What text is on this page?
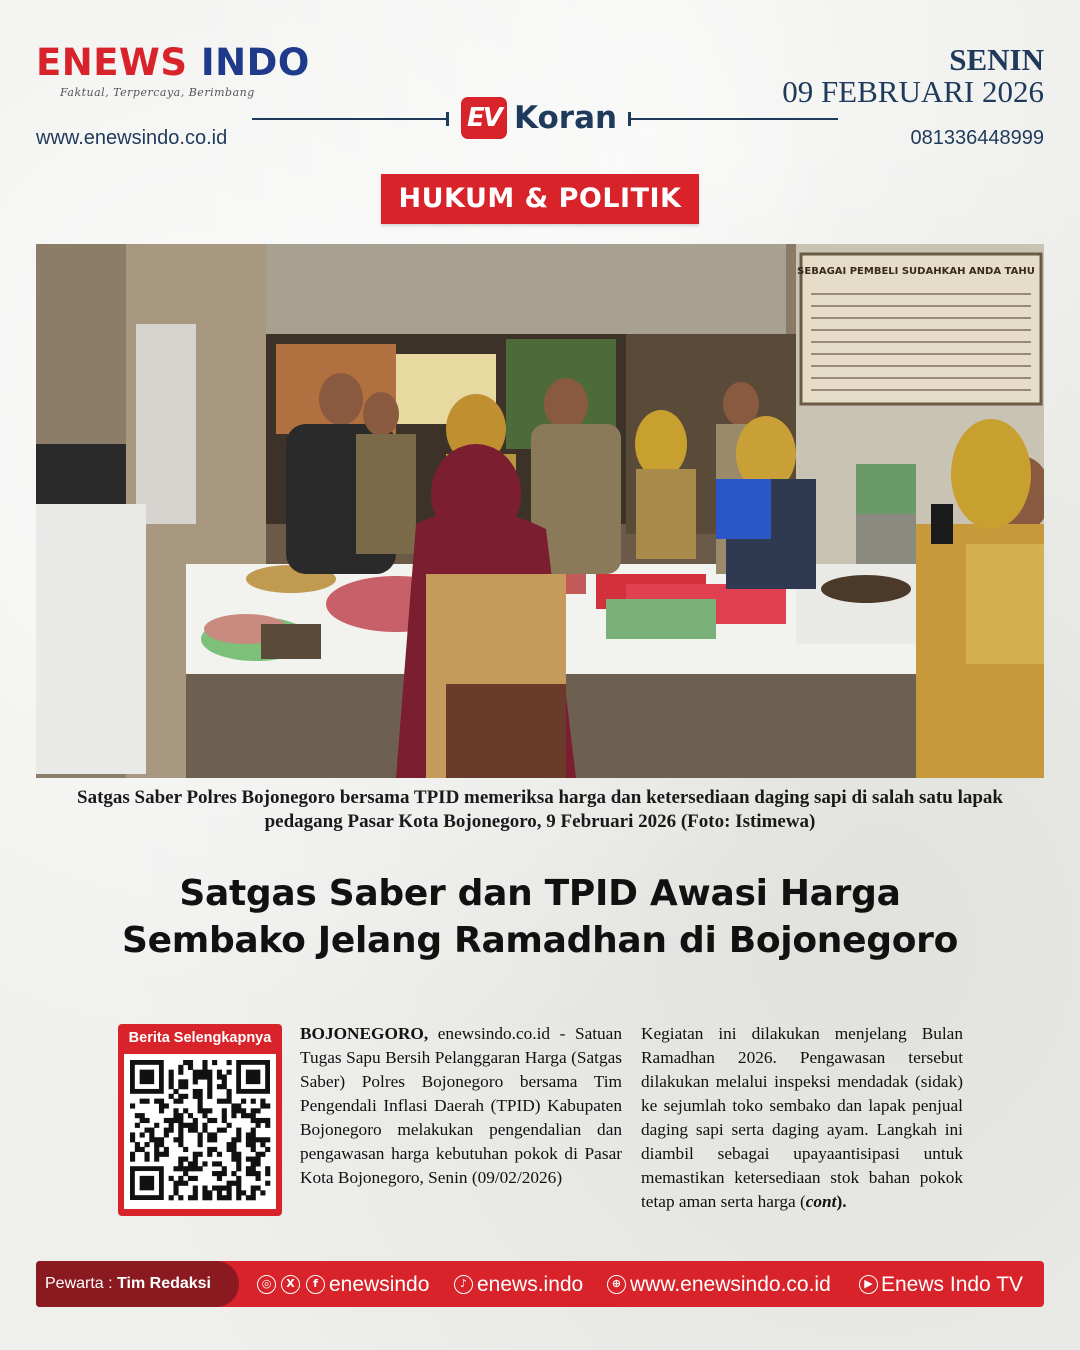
ENEWS INDO
Faktual, Terpercaya, Berimbang
SENIN
09 FEBRUARI 2026
EV Koran
www.enewsindo.co.id	081336448999
HUKUM & POLITIK
SEBAGAI PEMBELI SUDAHKAH ANDA TAHU
Satgas Saber Polres Bojonegoro bersama TPID memeriksa harga dan ketersediaan daging sapi di salah satu lapak pedagang Pasar Kota Bojonegoro, 9 Februari 2026 (Foto: Istimewa)
Satgas Saber dan TPID Awasi Harga
Sembako Jelang Ramadhan di Bojonegoro
Berita Selengkapnya	BOJONEGORO, enewsindo.co.id - Satuan Tugas Sapu Bersih Pelanggaran Harga (Satgas Saber) Polres Bojonegoro bersama Tim Pengendali Inflasi Daerah (TPID) Kabupaten Bojonegoro melakukan pengendalian dan pengawasan harga kebutuhan pokok di Pasar Kota Bojonegoro, Senin (09/02/2026)
Kegiatan ini dilakukan menjelang Bulan Ramadhan 2026. Pengawasan tersebut dilakukan melalui inspeksi mendadak (sidak) ke sejumlah toko sembako dan lapak penjual daging sapi serta daging ayam. Langkah ini diambil sebagai upayaantisipasi untuk memastikan ketersediaan stok bahan pokok tetap aman serta harga (cont).
Pewarta : Tim Redaksi	◎	X	f enewsindo	♪ enews.indo	⊕ www.enewsindo.co.id	▶ Enews Indo TV
